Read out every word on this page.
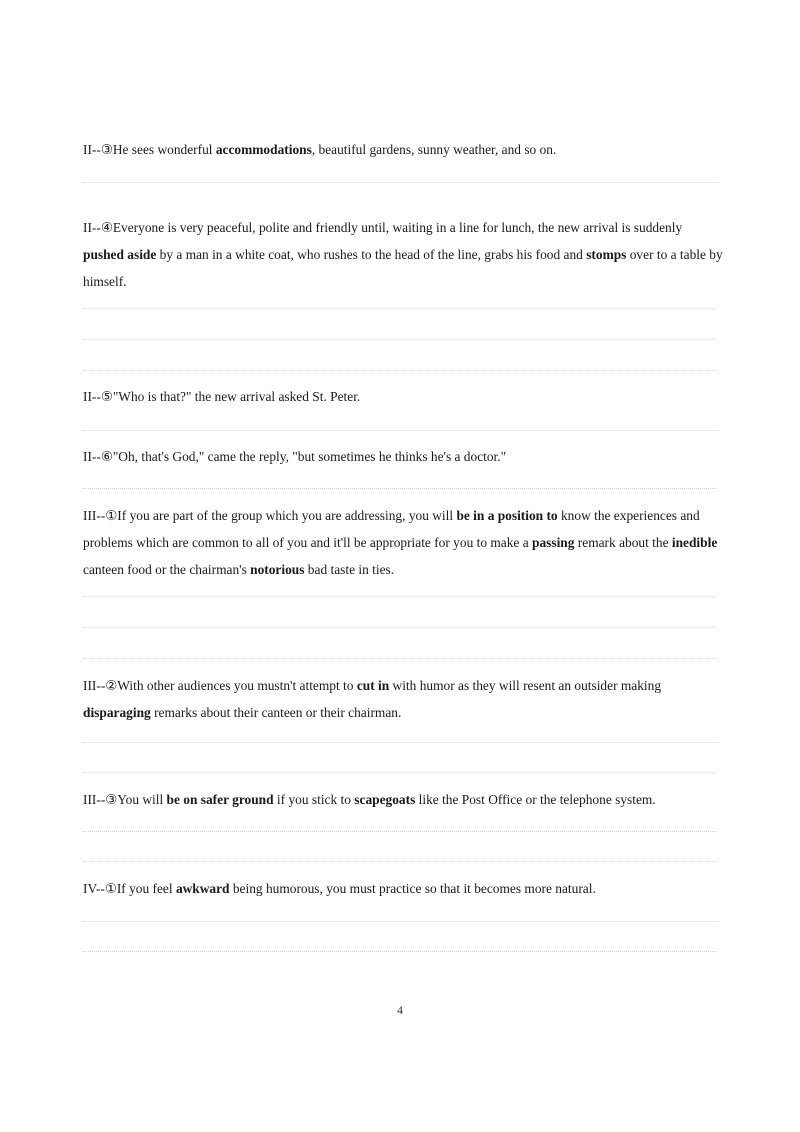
II--③He sees wonderful accommodations, beautiful gardens, sunny weather, and so on.

II--④Everyone is very peaceful, polite and friendly until, waiting in a line for lunch, the new arrival is suddenly pushed aside by a man in a white coat, who rushes to the head of the line, grabs his food and stomps over to a table by himself.

II--⑤"Who is that?" the new arrival asked St. Peter.

II--⑥"Oh, that's God," came the reply, "but sometimes he thinks he's a doctor."

III--①If you are part of the group which you are addressing, you will be in a position to know the experiences and problems which are common to all of you and it'll be appropriate for you to make a passing remark about the inedible canteen food or the chairman's notorious bad taste in ties.

III--②With other audiences you mustn't attempt to cut in with humor as they will resent an outsider making disparaging remarks about their canteen or their chairman.

III--③You will be on safer ground if you stick to scapegoats like the Post Office or the telephone system.

IV--①If you feel awkward being humorous, you must practice so that it becomes more natural.

4
